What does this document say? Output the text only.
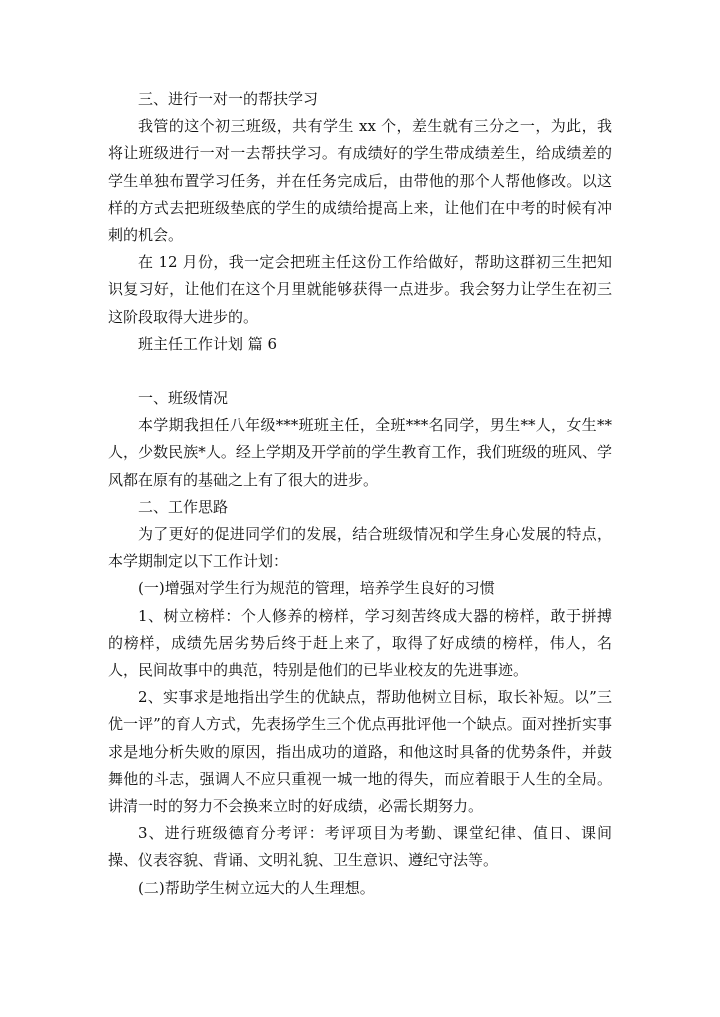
三、进行一对一的帮扶学习

我管的这个初三班级，共有学生 xx 个，差生就有三分之一，为此，我将让班级进行一对一去帮扶学习。有成绩好的学生带成绩差生，给成绩差的学生单独布置学习任务，并在任务完成后，由带他的那个人帮他修改。以这样的方式去把班级垫底的学生的成绩给提高上来，让他们在中考的时候有冲刺的机会。

在 12 月份，我一定会把班主任这份工作给做好，帮助这群初三生把知识复习好，让他们在这个月里就能够获得一点进步。我会努力让学生在初三这阶段取得大进步的。

班主任工作计划 篇 6

一、班级情况

本学期我担任八年级***班班主任，全班***名同学，男生**人，女生**人，少数民族*人。经上学期及开学前的学生教育工作，我们班级的班风、学风都在原有的基础之上有了很大的进步。

二、工作思路

为了更好的促进同学们的发展，结合班级情况和学生身心发展的特点，本学期制定以下工作计划：

(一)增强对学生行为规范的管理，培养学生良好的习惯

1、树立榜样：个人修养的榜样，学习刻苦终成大器的榜样，敢于拼搏的榜样，成绩先居劣势后终于赶上来了，取得了好成绩的榜样，伟人，名人，民间故事中的典范，特别是他们的已毕业校友的先进事迹。

2、实事求是地指出学生的优缺点，帮助他树立目标，取长补短。以”三优一评”的育人方式，先表扬学生三个优点再批评他一个缺点。面对挫折实事求是地分析失败的原因，指出成功的道路，和他这时具备的优势条件，并鼓舞他的斗志，强调人不应只重视一城一地的得失，而应着眼于人生的全局。讲清一时的努力不会换来立时的好成绩，必需长期努力。

3、进行班级德育分考评：考评项目为考勤、课堂纪律、值日、课间操、仪表容貌、背诵、文明礼貌、卫生意识、遵纪守法等。

(二)帮助学生树立远大的人生理想。
